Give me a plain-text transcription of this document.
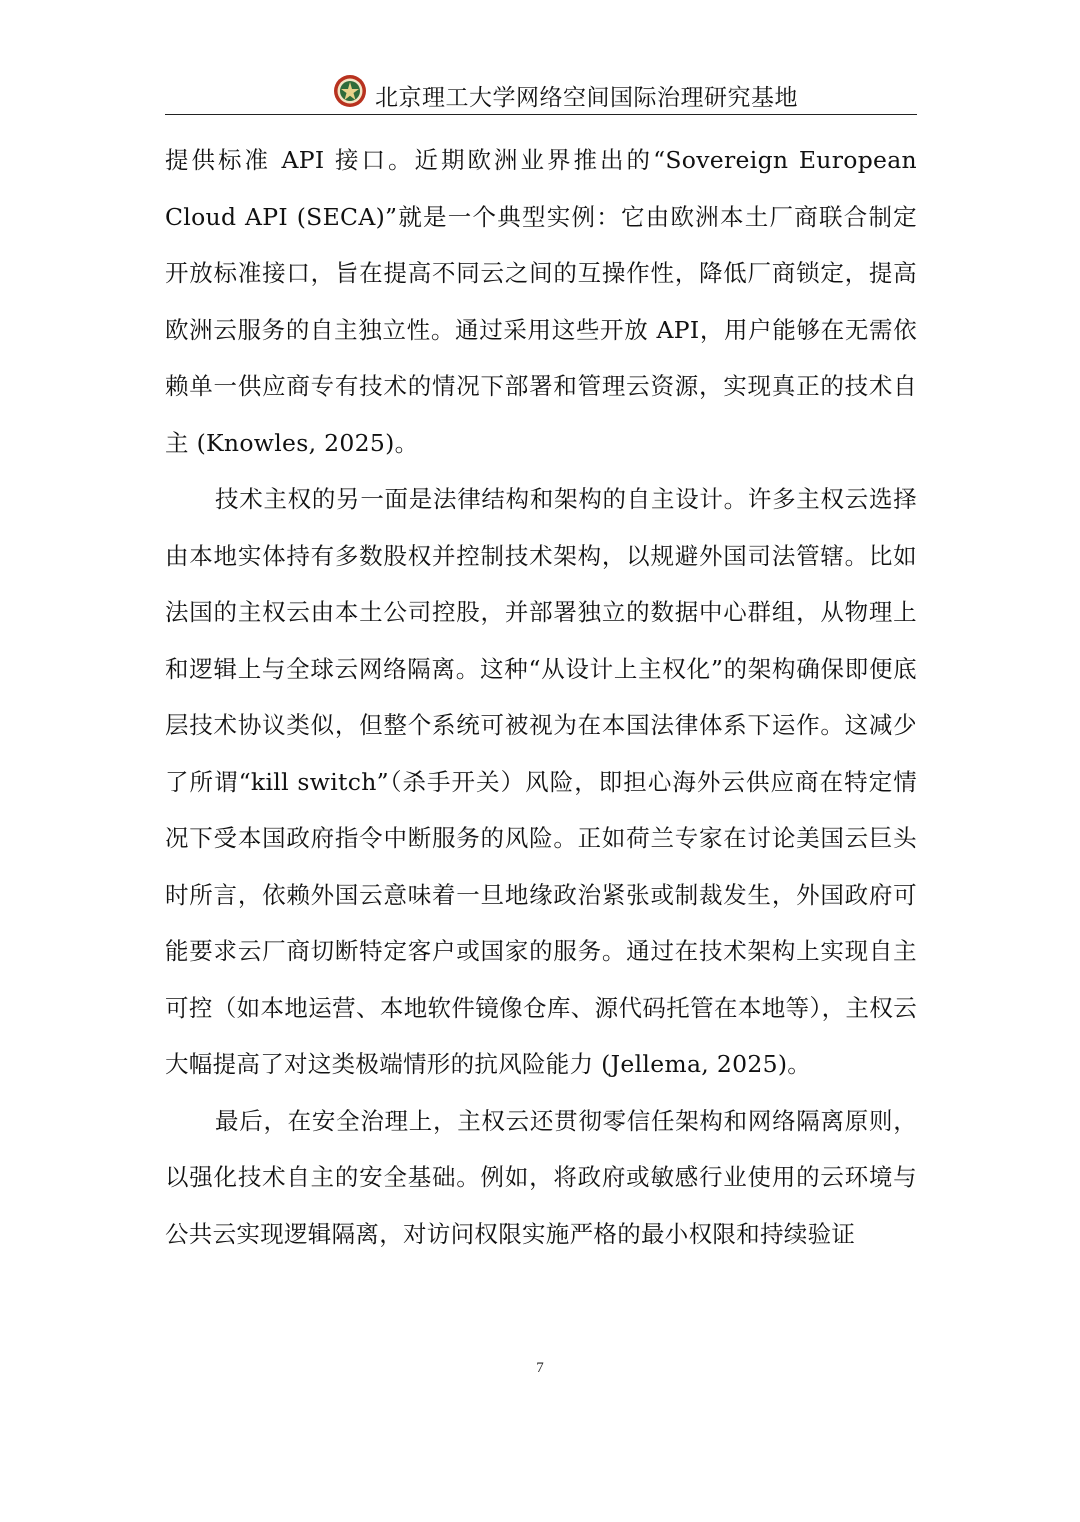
北京理工大学网络空间国际治理研究基地

提供标准 API 接口。近期欧洲业界推出的“Sovereign European Cloud API (SECA)”就是一个典型实例：它由欧洲本土厂商联合制定开放标准接口，旨在提高不同云之间的互操作性，降低厂商锁定，提高欧洲云服务的自主独立性。通过采用这些开放 API，用户能够在无需依赖单一供应商专有技术的情况下部署和管理云资源，实现真正的技术自主 (Knowles, 2025)。

技术主权的另一面是法律结构和架构的自主设计。许多主权云选择由本地实体持有多数股权并控制技术架构，以规避外国司法管辖。比如法国的主权云由本土公司控股，并部署独立的数据中心群组，从物理上和逻辑上与全球云网络隔离。这种“从设计上主权化”的架构确保即便底层技术协议类似，但整个系统可被视为在本国法律体系下运作。这减少了所谓“kill switch”（杀手开关）风险，即担心海外云供应商在特定情况下受本国政府指令中断服务的风险。正如荷兰专家在讨论美国云巨头时所言，依赖外国云意味着一旦地缘政治紧张或制裁发生，外国政府可能要求云厂商切断特定客户或国家的服务。通过在技术架构上实现自主可控（如本地运营、本地软件镜像仓库、源代码托管在本地等），主权云大幅提高了对这类极端情形的抗风险能力 (Jellema, 2025)。

最后，在安全治理上，主权云还贯彻零信任架构和网络隔离原则，以强化技术自主的安全基础。例如，将政府或敏感行业使用的云环境与公共云实现逻辑隔离，对访问权限实施严格的最小权限和持续验证

7
